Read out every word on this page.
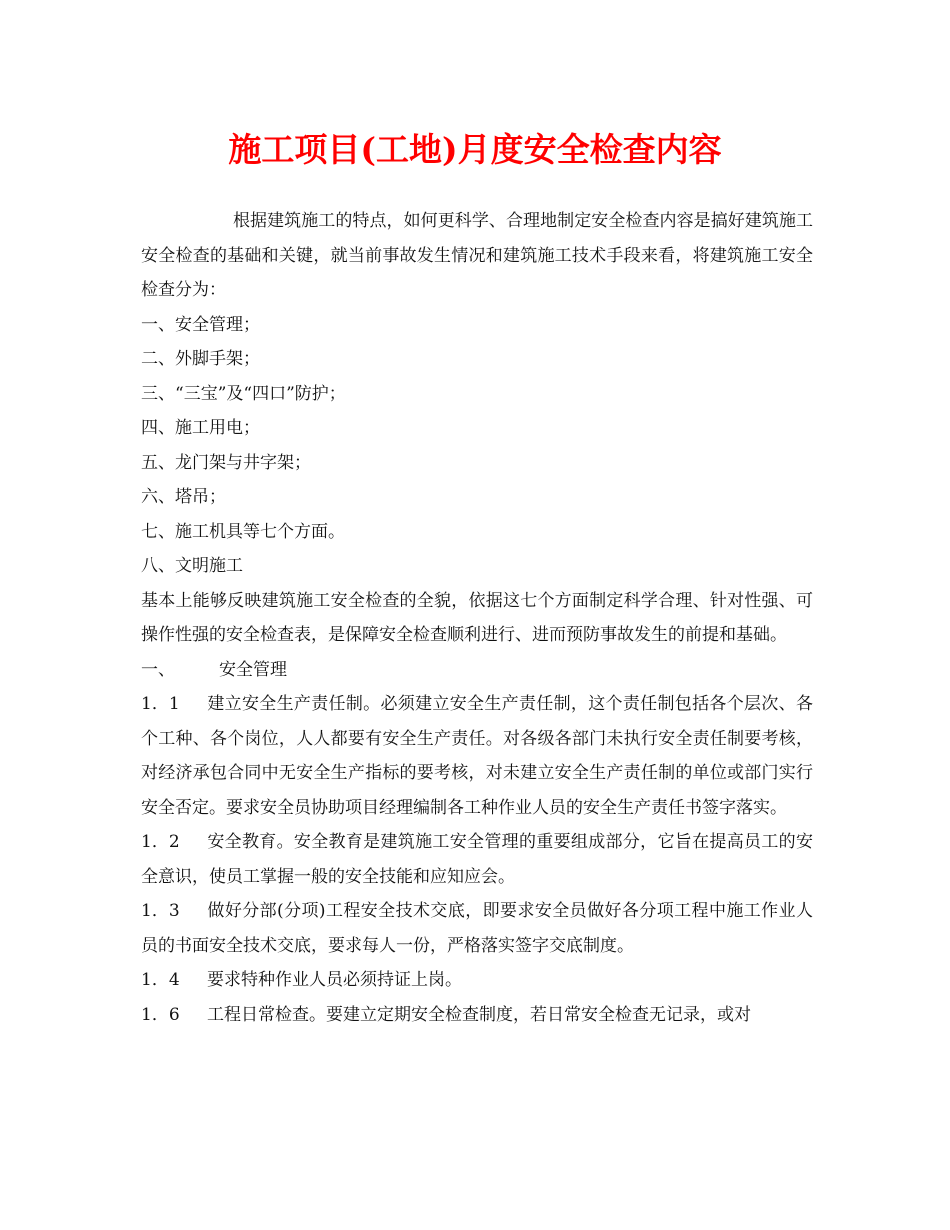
施工项目(工地)月度安全检查内容

根据建筑施工的特点，如何更科学、合理地制定安全检查内容是搞好建筑施工安全检查的基础和关键，就当前事故发生情况和建筑施工技术手段来看，将建筑施工安全检查分为：

一、安全管理；

二、外脚手架；

三、“三宝”及“四口”防护；

四、施工用电；

五、龙门架与井字架；

六、塔吊；

七、施工机具等七个方面。

八、文明施工

基本上能够反映建筑施工安全检查的全貌，依据这七个方面制定科学合理、针对性强、可操作性强的安全检查表，是保障安全检查顺利进行、进而预防事故发生的前提和基础。

一、	安全管理

1．1 建立安全生产责任制。必须建立安全生产责任制，这个责任制包括各个层次、各个工种、各个岗位，人人都要有安全生产责任。对各级各部门未执行安全责任制要考核，对经济承包合同中无安全生产指标的要考核，对未建立安全生产责任制的单位或部门实行安全否定。要求安全员协助项目经理编制各工种作业人员的安全生产责任书签字落实。

1．2 安全教育。安全教育是建筑施工安全管理的重要组成部分，它旨在提高员工的安全意识，使员工掌握一般的安全技能和应知应会。

1．3 做好分部(分项)工程安全技术交底，即要求安全员做好各分项工程中施工作业人员的书面安全技术交底，要求每人一份，严格落实签字交底制度。

1．4 要求特种作业人员必须持证上岗。

1．6 工程日常检查。要建立定期安全检查制度，若日常安全检查无记录，或对
